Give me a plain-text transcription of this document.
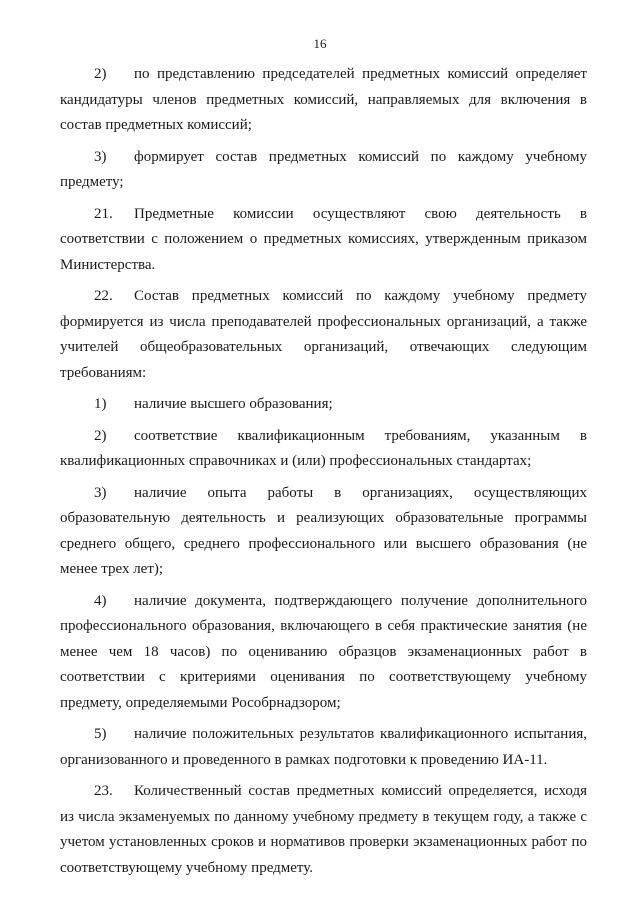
16

2) по представлению председателей предметных комиссий определяет кандидатуры членов предметных комиссий, направляемых для включения в состав предметных комиссий;

3) формирует состав предметных комиссий по каждому учебному предмету;

21. Предметные комиссии осуществляют свою деятельность в соответствии с положением о предметных комиссиях, утвержденным приказом Министерства.

22. Состав предметных комиссий по каждому учебному предмету формируется из числа преподавателей профессиональных организаций, а также учителей общеобразовательных организаций, отвечающих следующим требованиям:

1) наличие высшего образования;

2) соответствие квалификационным требованиям, указанным в квалификационных справочниках и (или) профессиональных стандартах;

3) наличие опыта работы в организациях, осуществляющих образовательную деятельность и реализующих образовательные программы среднего общего, среднего профессионального или высшего образования (не менее трех лет);

4) наличие документа, подтверждающего получение дополнительного профессионального образования, включающего в себя практические занятия (не менее чем 18 часов) по оцениванию образцов экзаменационных работ в соответствии с критериями оценивания по соответствующему учебному предмету, определяемыми Рособрнадзором;

5) наличие положительных результатов квалификационного испытания, организованного и проведенного в рамках подготовки к проведению ИА-11.

23. Количественный состав предметных комиссий определяется, исходя из числа экзаменуемых по данному учебному предмету в текущем году, а также с учетом установленных сроков и нормативов проверки экзаменационных работ по соответствующему учебному предмету.
